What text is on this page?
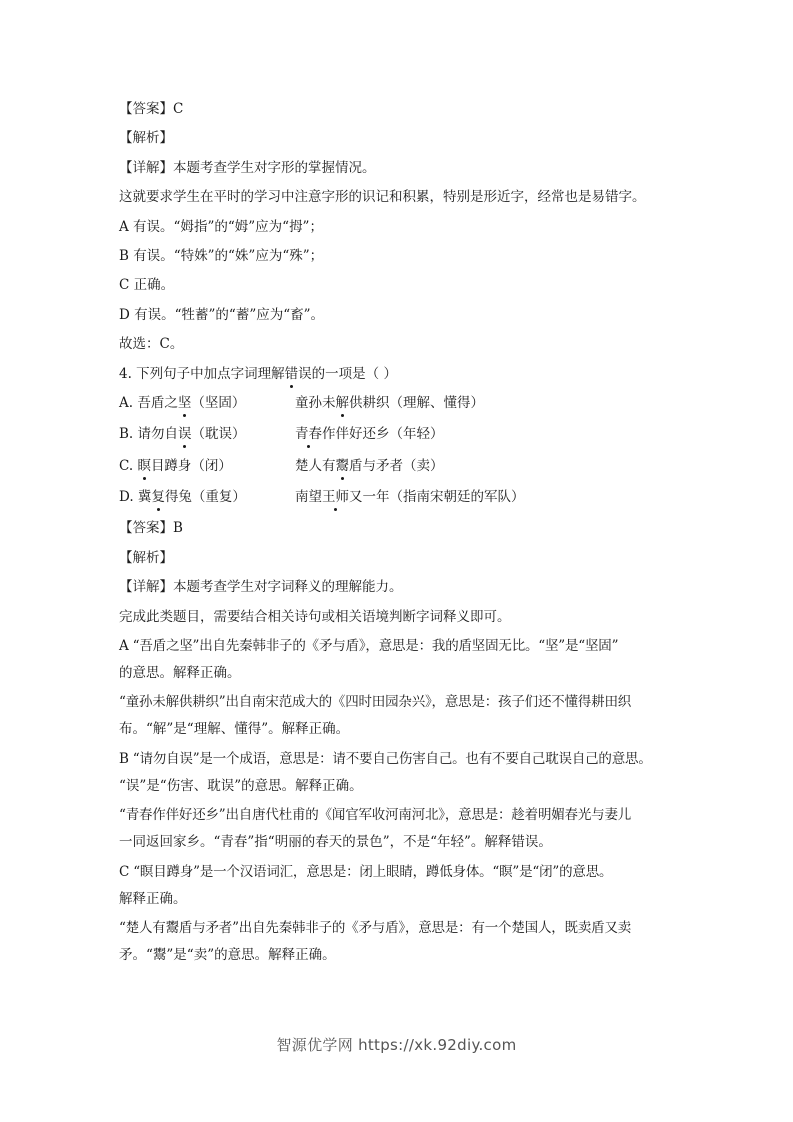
【答案】C
【解析】
【详解】本题考查学生对字形的掌握情况。
这就要求学生在平时的学习中注意字形的识记和积累，特别是形近字，经常也是易错字。
A 有误。“姆指”的“姆”应为“拇”；
B 有误。“特姝”的“姝”应为“殊”；
C 正确。
D 有误。“牲蓄”的“蓄”应为“畜”。
故选：C。
4. 下列句子中加点字词理解错误的一项是（ ）
A. 吾盾之坚（坚固）	童孙未解供耕织（理解、懂得）
B. 请勿自误（耽误）	青春作伴好还乡（年轻）
C. 瞑目蹲身（闭）	楚人有鬻盾与矛者（卖）
D. 冀复得兔（重复）	南望王师又一年（指南宋朝廷的军队）
【答案】B
【解析】
【详解】本题考查学生对字词释义的理解能力。
完成此类题目，需要结合相关诗句或相关语境判断字词释义即可。
A “吾盾之坚”出自先秦韩非子的《矛与盾》，意思是：我的盾坚固无比。“坚”是“坚固”
的意思。解释正确。
“童孙未解供耕织”出自南宋范成大的《四时田园杂兴》，意思是：孩子们还不懂得耕田织
布。“解”是“理解、懂得”。解释正确。
B “请勿自误”是一个成语，意思是：请不要自己伤害自己。也有不要自己耽误自己的意思。
“误”是“伤害、耽误”的意思。解释正确。
“青春作伴好还乡”出自唐代杜甫的《闻官军收河南河北》，意思是：趁着明媚春光与妻儿
一同返回家乡。“青春”指“明丽的春天的景色”，不是“年轻”。解释错误。
C “瞑目蹲身”是一个汉语词汇，意思是：闭上眼睛，蹲低身体。“瞑”是“闭”的意思。
解释正确。
“楚人有鬻盾与矛者”出自先秦韩非子的《矛与盾》，意思是：有一个楚国人，既卖盾又卖
矛。“鬻”是“卖”的意思。解释正确。
智源优学网 https://xk.92diy.com
